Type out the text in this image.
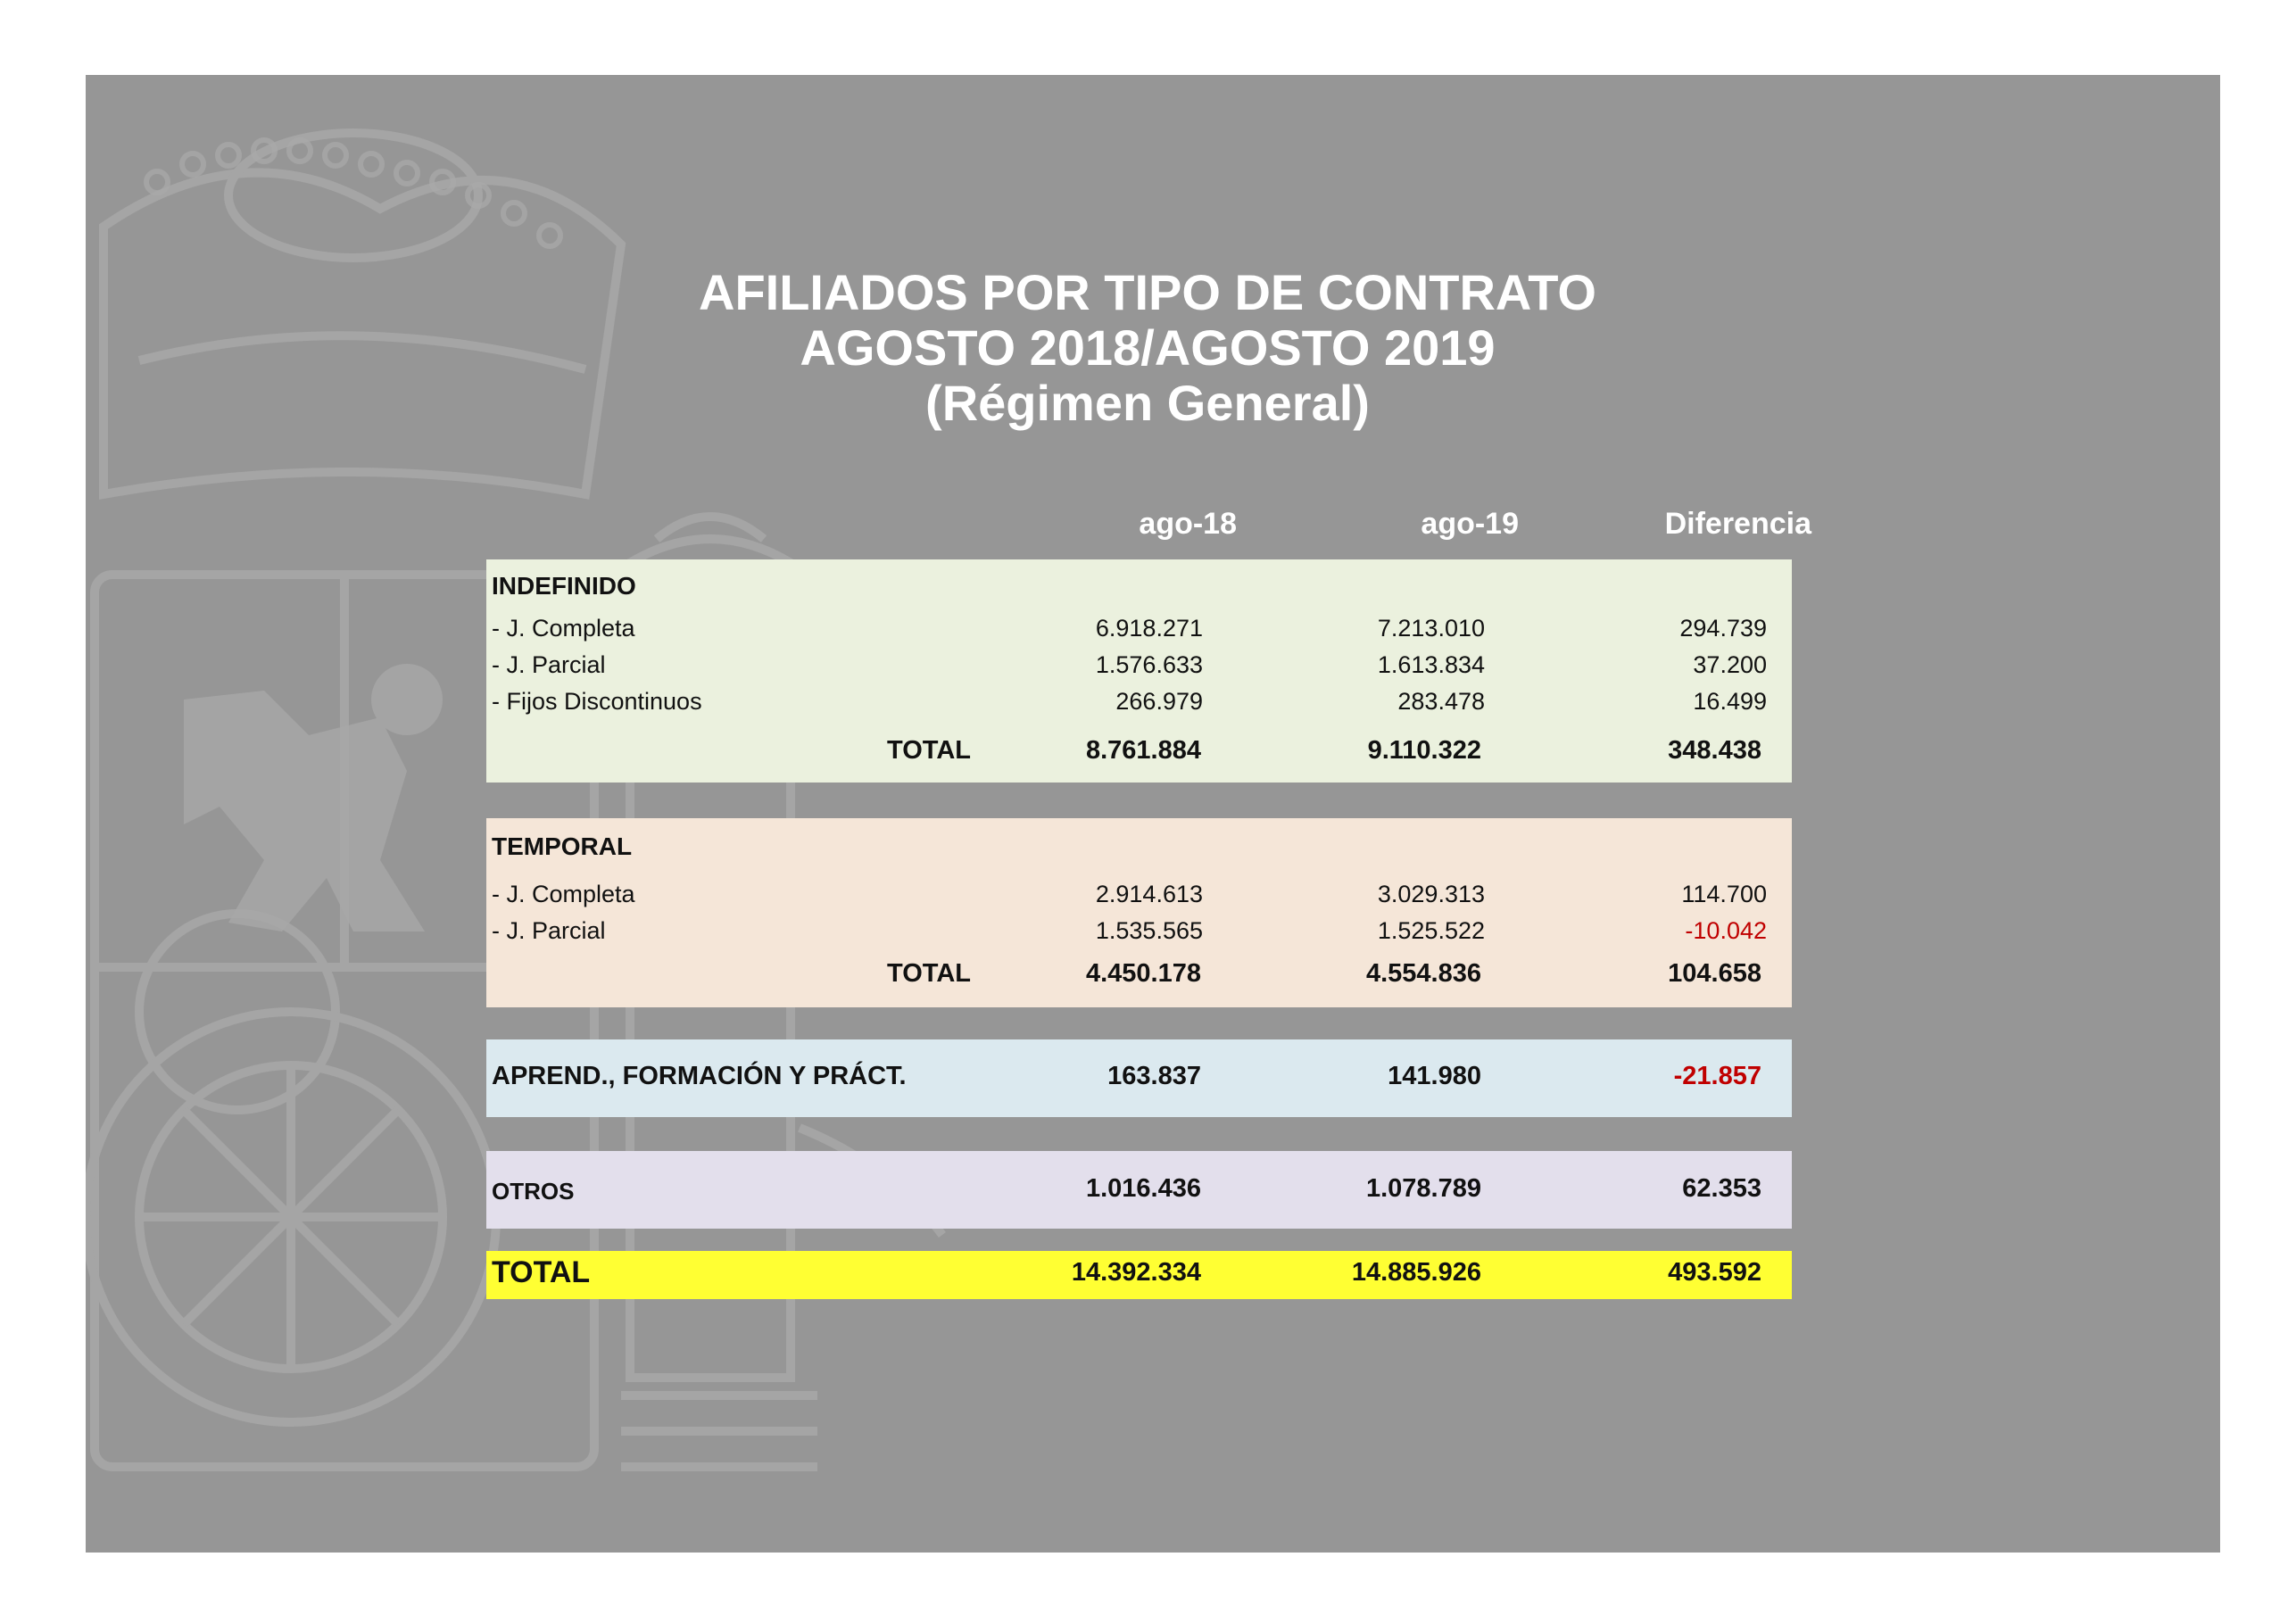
AFILIADOS POR TIPO DE CONTRATO
AGOSTO 2018/AGOSTO 2019
(Régimen General)
ago-18	ago-19	Diferencia
INDEFINIDO
- J. Completa	6.918.271	7.213.010	294.739
- J. Parcial	1.576.633	1.613.834	37.200
- Fijos Discontinuos	266.979	283.478	16.499
TOTAL	8.761.884	9.110.322	348.438
TEMPORAL
- J. Completa	2.914.613	3.029.313	114.700
- J. Parcial	1.535.565	1.525.522	-10.042
TOTAL	4.450.178	4.554.836	104.658
APREND., FORMACIÓN Y PRÁCT.	163.837	141.980	-21.857
OTROS	1.016.436	1.078.789	62.353
TOTAL	14.392.334	14.885.926	493.592
